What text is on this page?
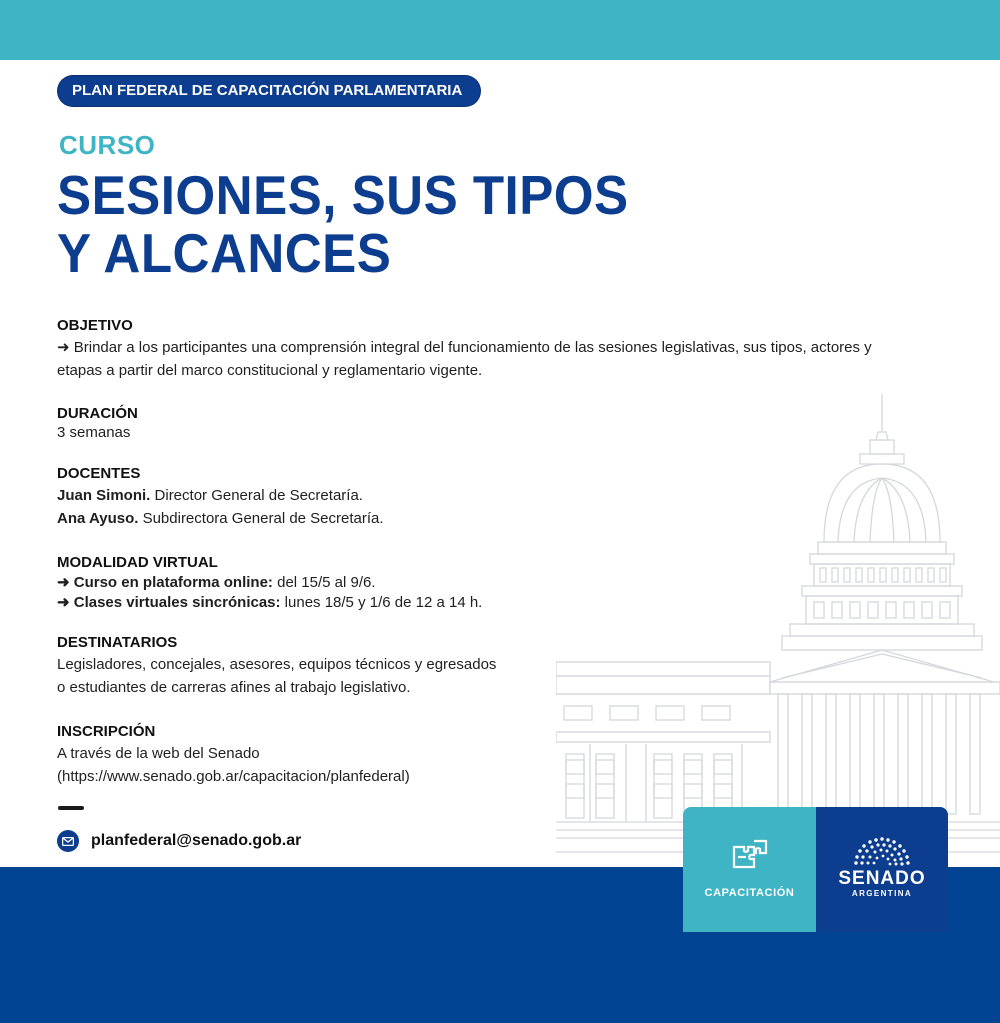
PLAN FEDERAL DE CAPACITACIÓN PARLAMENTARIA
CURSO
SESIONES, SUS TIPOS
Y ALCANCES
OBJETIVO
➜ Brindar a los participantes una comprensión integral del funcionamiento de las sesiones legislativas, sus tipos, actores y etapas a partir del marco constitucional y reglamentario vigente.
DURACIÓN
3 semanas
DOCENTES
Juan Simoni. Director General de Secretaría.
Ana Ayuso. Subdirectora General de Secretaría.
MODALIDAD VIRTUAL
➜ Curso en plataforma online: del 15/5 al 9/6.
➜ Clases virtuales sincrónicas: lunes 18/5 y 1/6 de 12 a 14 h.
DESTINATARIOS
Legisladores, concejales, asesores, equipos técnicos y egresados
o estudiantes de carreras afines al trabajo legislativo.
INSCRIPCIÓN
A través de la web del Senado
(https://www.senado.gob.ar/capacitacion/planfederal)
planfederal@senado.gob.ar
CAPACITACIÓN
SENADO
ARGENTINA
